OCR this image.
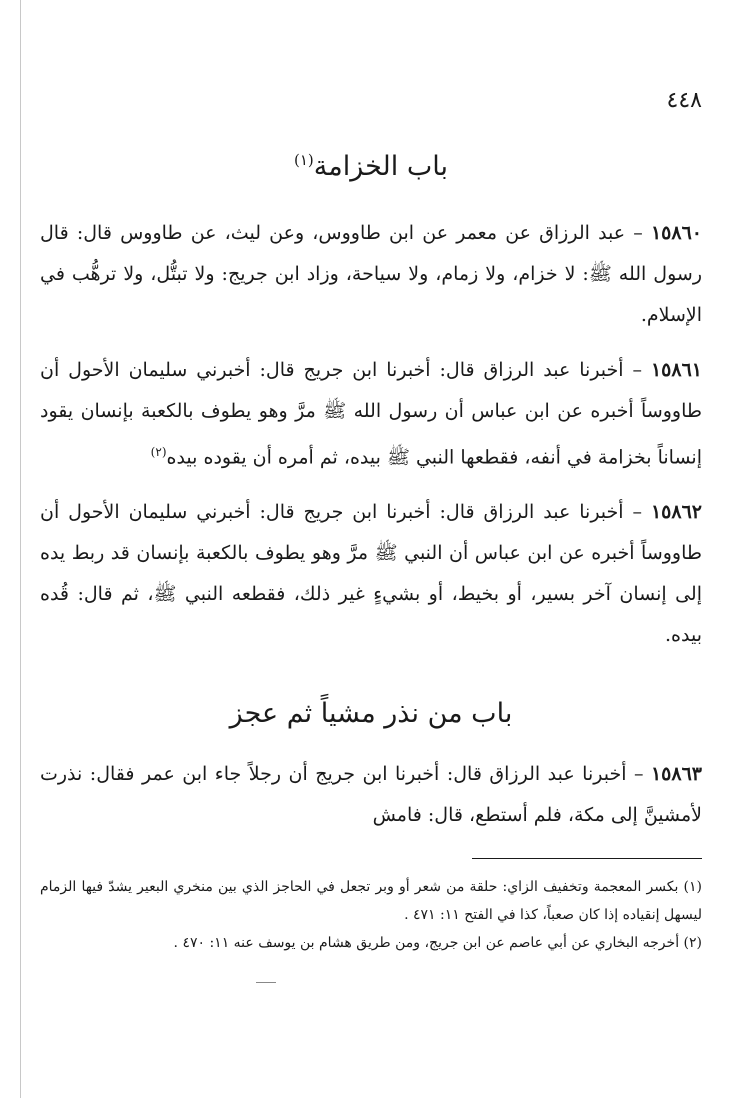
٤٤٨
باب الخزامة$^{(١)}$

١٥٨٦٠ – عبد الرزاق عن معمر عن ابن طاووس، وعن ليث، عن طاووس قال: قال رسول الله ﷺ: لا خزام، ولا زمام، ولا سياحة، وزاد ابن جريج: ولا تبتُّل، ولا ترهُّب في الإسلام.

١٥٨٦١ – أخبرنا عبد الرزاق قال: أخبرنا ابن جريج قال: أخبرني سليمان الأحول أن طاووساً أخبره عن ابن عباس أن رسول الله ﷺ مرَّ وهو يطوف بالكعبة بإنسان يقود إنساناً بخزامة في أنفه، فقطعها النبي ﷺ بيده، ثم أمره أن يقوده بيده$^{(٢)}$

١٥٨٦٢ – أخبرنا عبد الرزاق قال: أخبرنا ابن جريج قال: أخبرني سليمان الأحول أن طاووساً أخبره عن ابن عباس أن النبي ﷺ مرَّ وهو يطوف بالكعبة بإنسان قد ربط يده إلى إنسان آخر بسير، أو بخيط، أو بشيءٍ غير ذلك، فقطعه النبي ﷺ، ثم قال: قُده بيده.

باب من نذر مشياً ثم عجز

١٥٨٦٣ – أخبرنا عبد الرزاق قال: أخبرنا ابن جريج أن رجلاً جاء ابن عمر فقال: نذرت لأمشينَّ إلى مكة، فلم أستطع، قال: فامش

(١) بكسر المعجمة وتخفيف الزاي: حلقة من شعر أو وبر تجعل في الحاجز الذي بين منخري البعير يشدّ فيها الزمام ليسهل إنقياده إذا كان صعباً، كذا في الفتح ١١: ٤٧١ .

(٢) أخرجه البخاري عن أبي عاصم عن ابن جريج، ومن طريق هشام بن يوسف عنه ١١: ٤٧٠ .
